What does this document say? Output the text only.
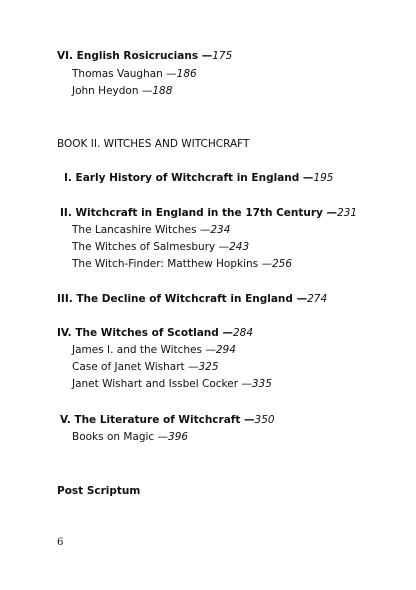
VI. English Rosicrucians —175
Thomas Vaughan —186
John Heydon —188
BOOK II. WITCHES AND WITCHCRAFT
I. Early History of Witchcraft in England —195
II. Witchcraft in England in the 17th Century —231
The Lancashire Witches —234
The Witches of Salmesbury —243
The Witch-Finder: Matthew Hopkins —256
III. The Decline of Witchcraft in England —274
IV. The Witches of Scotland —284
James I. and the Witches —294
Case of Janet Wishart —325
Janet Wishart and Issbel Cocker —335
V. The Literature of Witchcraft —350
Books on Magic —396
Post Scriptum
6
